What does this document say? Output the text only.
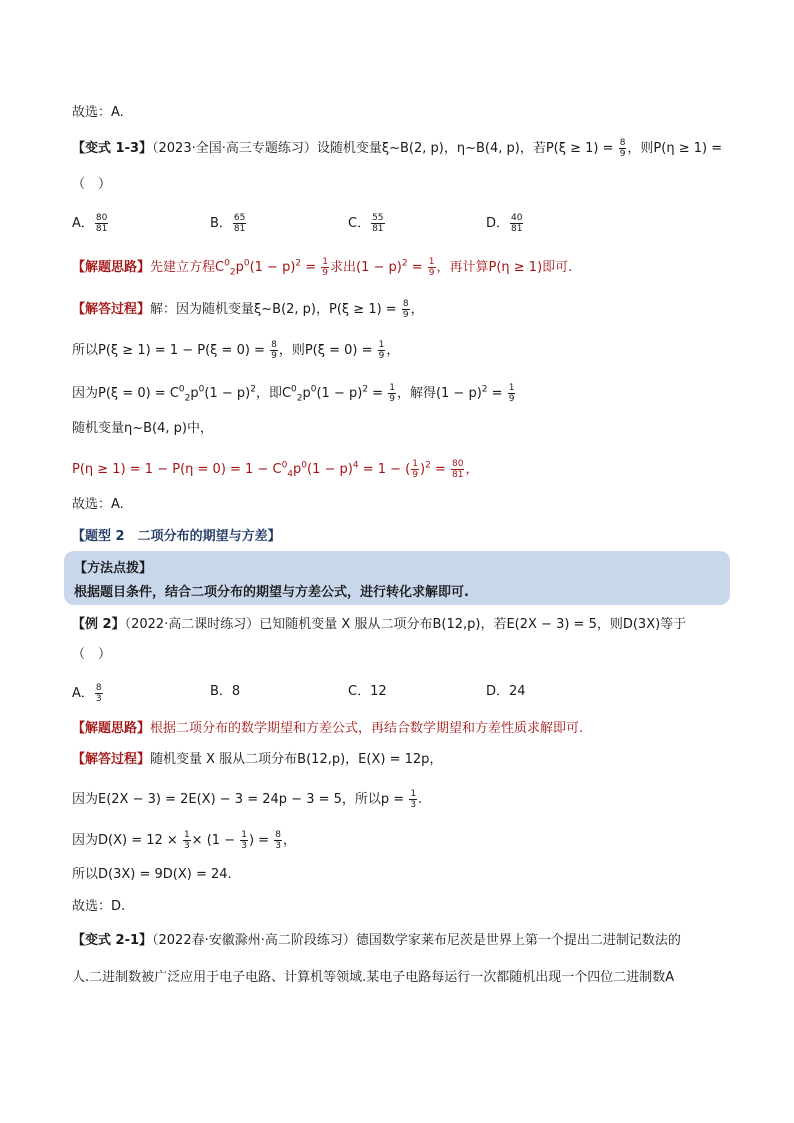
故选：A.
【变式 1-3】（2023·全国·高三专题练习）设随机变量ξ~B(2, p)，η~B(4, p)，若$P(\xi \ge 1) = \frac{8}{9}$ ，则P(η ≥ 1) =
（　）
A． $\frac{80}{81}$	B． $\frac{65}{81}$	C． $\frac{55}{81}$	D． $\frac{40}{81}$
【解题思路】先建立方程$C^0_2p^0(1 - p)^2 = \frac{1}{9}$ 求出$(1 - p)^2 = \frac{1}{9}$ ，再计算P(η ≥ 1)即可.
【解答过程】解：因为随机变量ξ~B(2, p)，$P(\xi \ge 1) = \frac{8}{9}$ ，
所以$P(\xi \ge 1) = 1 - P(\xi = 0) = \frac{8}{9}$ ，则$P(\xi = 0) = \frac{1}{9}$ ，
因为$P(\xi = 0) = C^0_2p^0(1 - p)^2$，即$C^0_2p^0(1 - p)^2 = \frac{1}{9}$ ，解得$(1 - p)^2 = \frac{1}{9}$
随机变量η~B(4, p)中，
$P(\eta \ge 1) = 1 - P(\eta = 0) = 1 - C^0_4p^0(1 - p)^4 = 1$ − ( $\frac{1}{9} )^2 = \frac{80}{81}$ ，
故选：A.
【题型 2　二项分布的期望与方差】
【方法点拨】
根据题目条件，结合二项分布的期望与方差公式，进行转化求解即可.
【例 2】（2022·高二课时练习）已知随机变量 X 服从二项分布B(12,p)，若E(2X − 3) = 5，则D(3X)等于
（　）
A． $\frac{8}{3}$	B．8	C．12	D．24
【解题思路】根据二项分布的数学期望和方差公式，再结合数学期望和方差性质求解即可.
【解答过程】随机变量 X 服从二项分布B(12,p)，E(X) = 12p，
因为E(2X − 3) = 2E(X) − 3 = 24p − 3 = 5，所以$p = \frac{1}{3}$ .
因为$D(X) = 12 \times \frac{1}{3} \times (1 - \frac{1}{3}$ ) = $\frac{8}{3}$ ，
所以D(3X) = 9D(X) = 24.
故选：D.
【变式 2-1】（2022春·安徽滁州·高二阶段练习）德国数学家莱布尼茨是世界上第一个提出二进制记数法的
人.二进制数被广泛应用于电子电路、计算机等领域.某电子电路每运行一次都随机出现一个四位二进制数A
